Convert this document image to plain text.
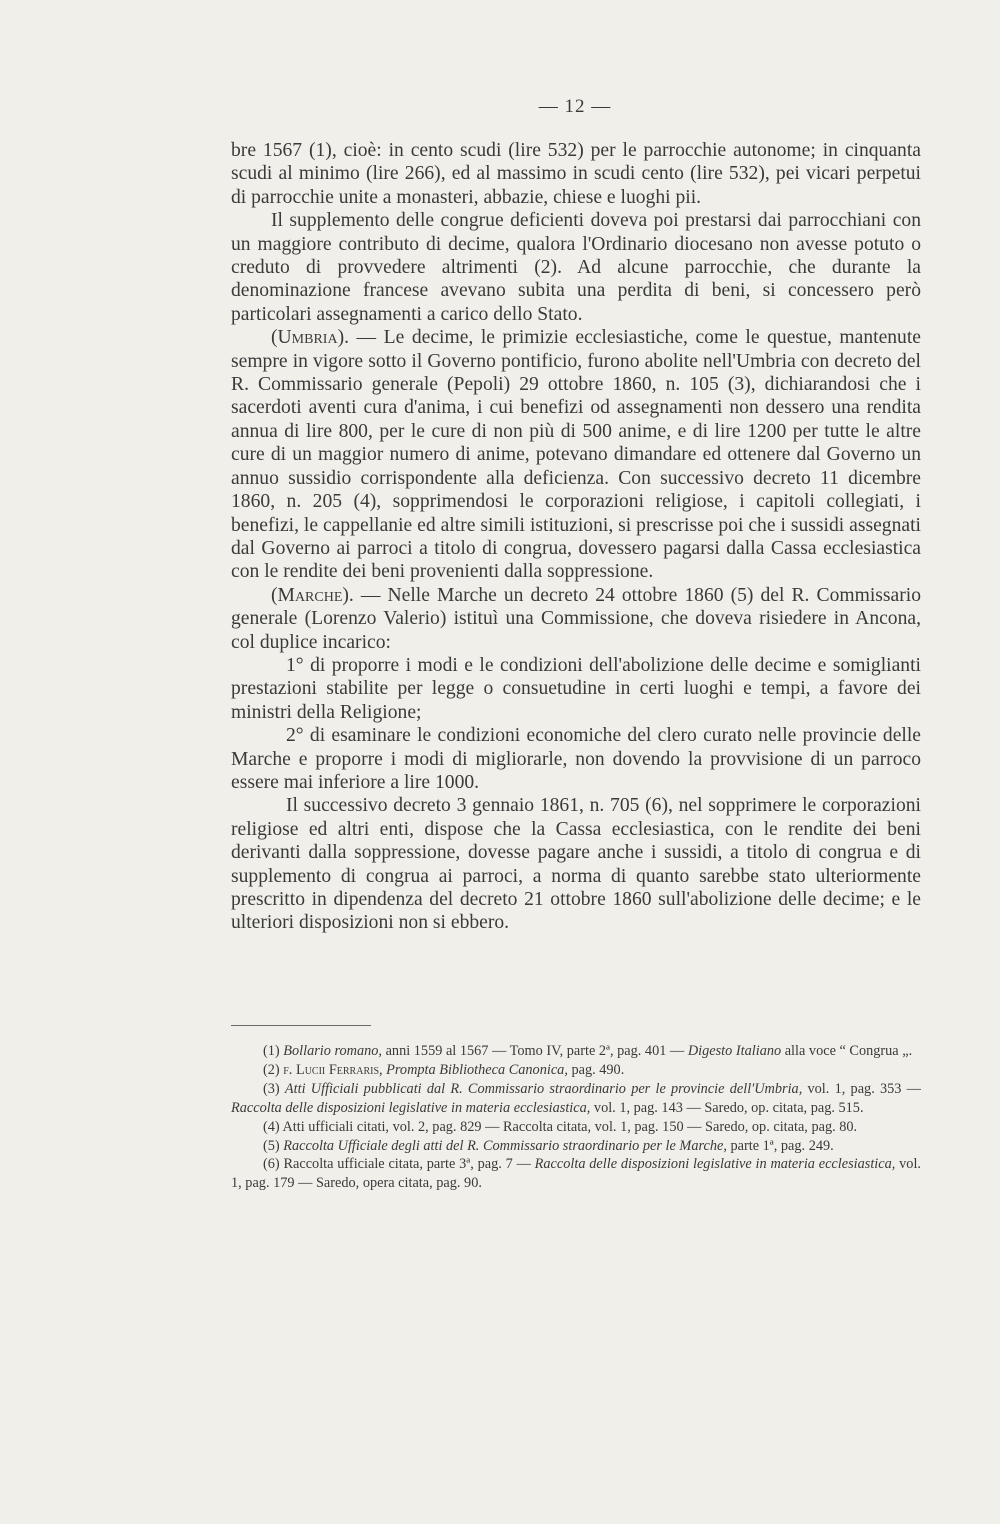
— 12 —

bre 1567 (1), cioè: in cento scudi (lire 532) per le parrocchie autonome; in cinquanta scudi al minimo (lire 266), ed al massimo in scudi cento (lire 532), pei vicari perpetui di parrocchie unite a monasteri, abbazie, chiese e luoghi pii.

Il supplemento delle congrue deficienti doveva poi prestarsi dai parrocchiani con un maggiore contributo di decime, qualora l'Ordinario diocesano non avesse potuto o creduto di provvedere altrimenti (2). Ad alcune parrocchie, che durante la denominazione francese avevano subita una perdita di beni, si concessero però particolari assegnamenti a carico dello Stato.

(Umbria). — Le decime, le primizie ecclesiastiche, come le questue, mantenute sempre in vigore sotto il Governo pontificio, furono abolite nell'Umbria con decreto del R. Commissario generale (Pepoli) 29 ottobre 1860, n. 105 (3), dichiarandosi che i sacerdoti aventi cura d'anima, i cui benefizi od assegnamenti non dessero una rendita annua di lire 800, per le cure di non più di 500 anime, e di lire 1200 per tutte le altre cure di un maggior numero di anime, potevano dimandare ed ottenere dal Governo un annuo sussidio corrispondente alla deficienza. Con successivo decreto 11 dicembre 1860, n. 205 (4), sopprimendosi le corporazioni religiose, i capitoli collegiati, i benefizi, le cappellanie ed altre simili istituzioni, si prescrisse poi che i sussidi assegnati dal Governo ai parroci a titolo di congrua, dovessero pagarsi dalla Cassa ecclesiastica con le rendite dei beni provenienti dalla soppressione.

(Marche). — Nelle Marche un decreto 24 ottobre 1860 (5) del R. Commissario generale (Lorenzo Valerio) istituì una Commissione, che doveva risiedere in Ancona, col duplice incarico:

1° di proporre i modi e le condizioni dell'abolizione delle decime e somiglianti prestazioni stabilite per legge o consuetudine in certi luoghi e tempi, a favore dei ministri della Religione;

2° di esaminare le condizioni economiche del clero curato nelle provincie delle Marche e proporre i modi di migliorarle, non dovendo la provvisione di un parroco essere mai inferiore a lire 1000.

Il successivo decreto 3 gennaio 1861, n. 705 (6), nel sopprimere le corporazioni religiose ed altri enti, dispose che la Cassa ecclesiastica, con le rendite dei beni derivanti dalla soppressione, dovesse pagare anche i sussidi, a titolo di congrua e di supplemento di congrua ai parroci, a norma di quanto sarebbe stato ulteriormente prescritto in dipendenza del decreto 21 ottobre 1860 sull'abolizione delle decime; e le ulteriori disposizioni non si ebbero.

(1) Bollario romano, anni 1559 al 1567 — Tomo IV, parte 2ª, pag. 401 — Digesto Italiano alla voce “ Congrua „.

(2) f. Lucii Ferraris, Prompta Bibliotheca Canonica, pag. 490.

(3) Atti Ufficiali pubblicati dal R. Commissario straordinario per le provincie dell'Umbria, vol. 1, pag. 353 — Raccolta delle disposizioni legislative in materia ecclesiastica, vol. 1, pag. 143 — Saredo, op. citata, pag. 515.

(4) Atti ufficiali citati, vol. 2, pag. 829 — Raccolta citata, vol. 1, pag. 150 — Saredo, op. citata, pag. 80.

(5) Raccolta Ufficiale degli atti del R. Commissario straordinario per le Marche, parte 1ª, pag. 249.

(6) Raccolta ufficiale citata, parte 3ª, pag. 7 — Raccolta delle disposizioni legislative in materia ecclesiastica, vol. 1, pag. 179 — Saredo, opera citata, pag. 90.
